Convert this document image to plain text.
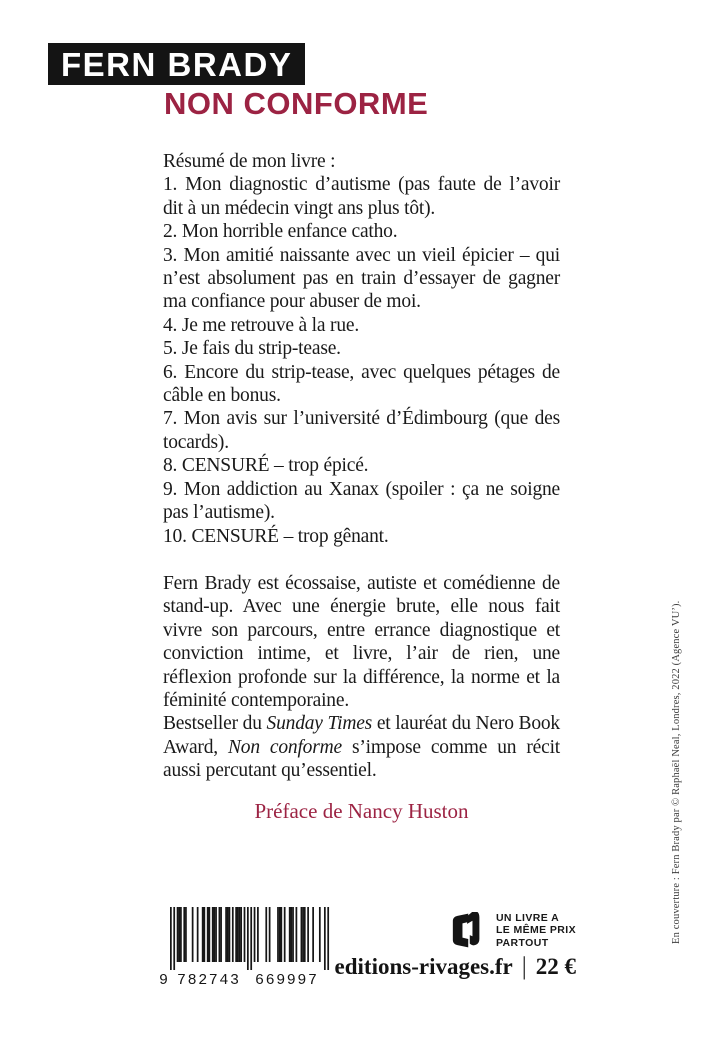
FERN BRADY
NON CONFORME

Résumé de mon livre :

1. Mon diagnostic d’autisme (pas faute de l’avoir dit à un médecin vingt ans plus tôt).

2. Mon horrible enfance catho.

3. Mon amitié naissante avec un vieil épicier – qui n’est absolument pas en train d’essayer de gagner ma confiance pour abuser de moi.

4. Je me retrouve à la rue.

5. Je fais du strip-tease.

6. Encore du strip-tease, avec quelques pétages de câble en bonus.

7. Mon avis sur l’université d’Édimbourg (que des tocards).

8. CENSURÉ – trop épicé.

9. Mon addiction au Xanax (spoiler : ça ne soigne pas l’autisme).

10. CENSURÉ – trop gênant.

Fern Brady est écossaise, autiste et comédienne de stand-up. Avec une énergie brute, elle nous fait vivre son parcours, entre errance diagnostique et conviction intime, et livre, l’air de rien, une réflexion profonde sur la différence, la norme et la féminité contemporaine.

Bestseller du Sunday Times et lauréat du Nero Book Award, Non conforme s’impose comme un récit aussi percutant qu’essentiel.

Préface de Nancy Huston

9 782743 669997
UN LIVRE A
LE MÊME PRIX
PARTOUT
editions-rivages.fr | 22 €
En couverture : Fern Brady par © Raphaël Neal, Londres, 2022 (Agence VU’).
